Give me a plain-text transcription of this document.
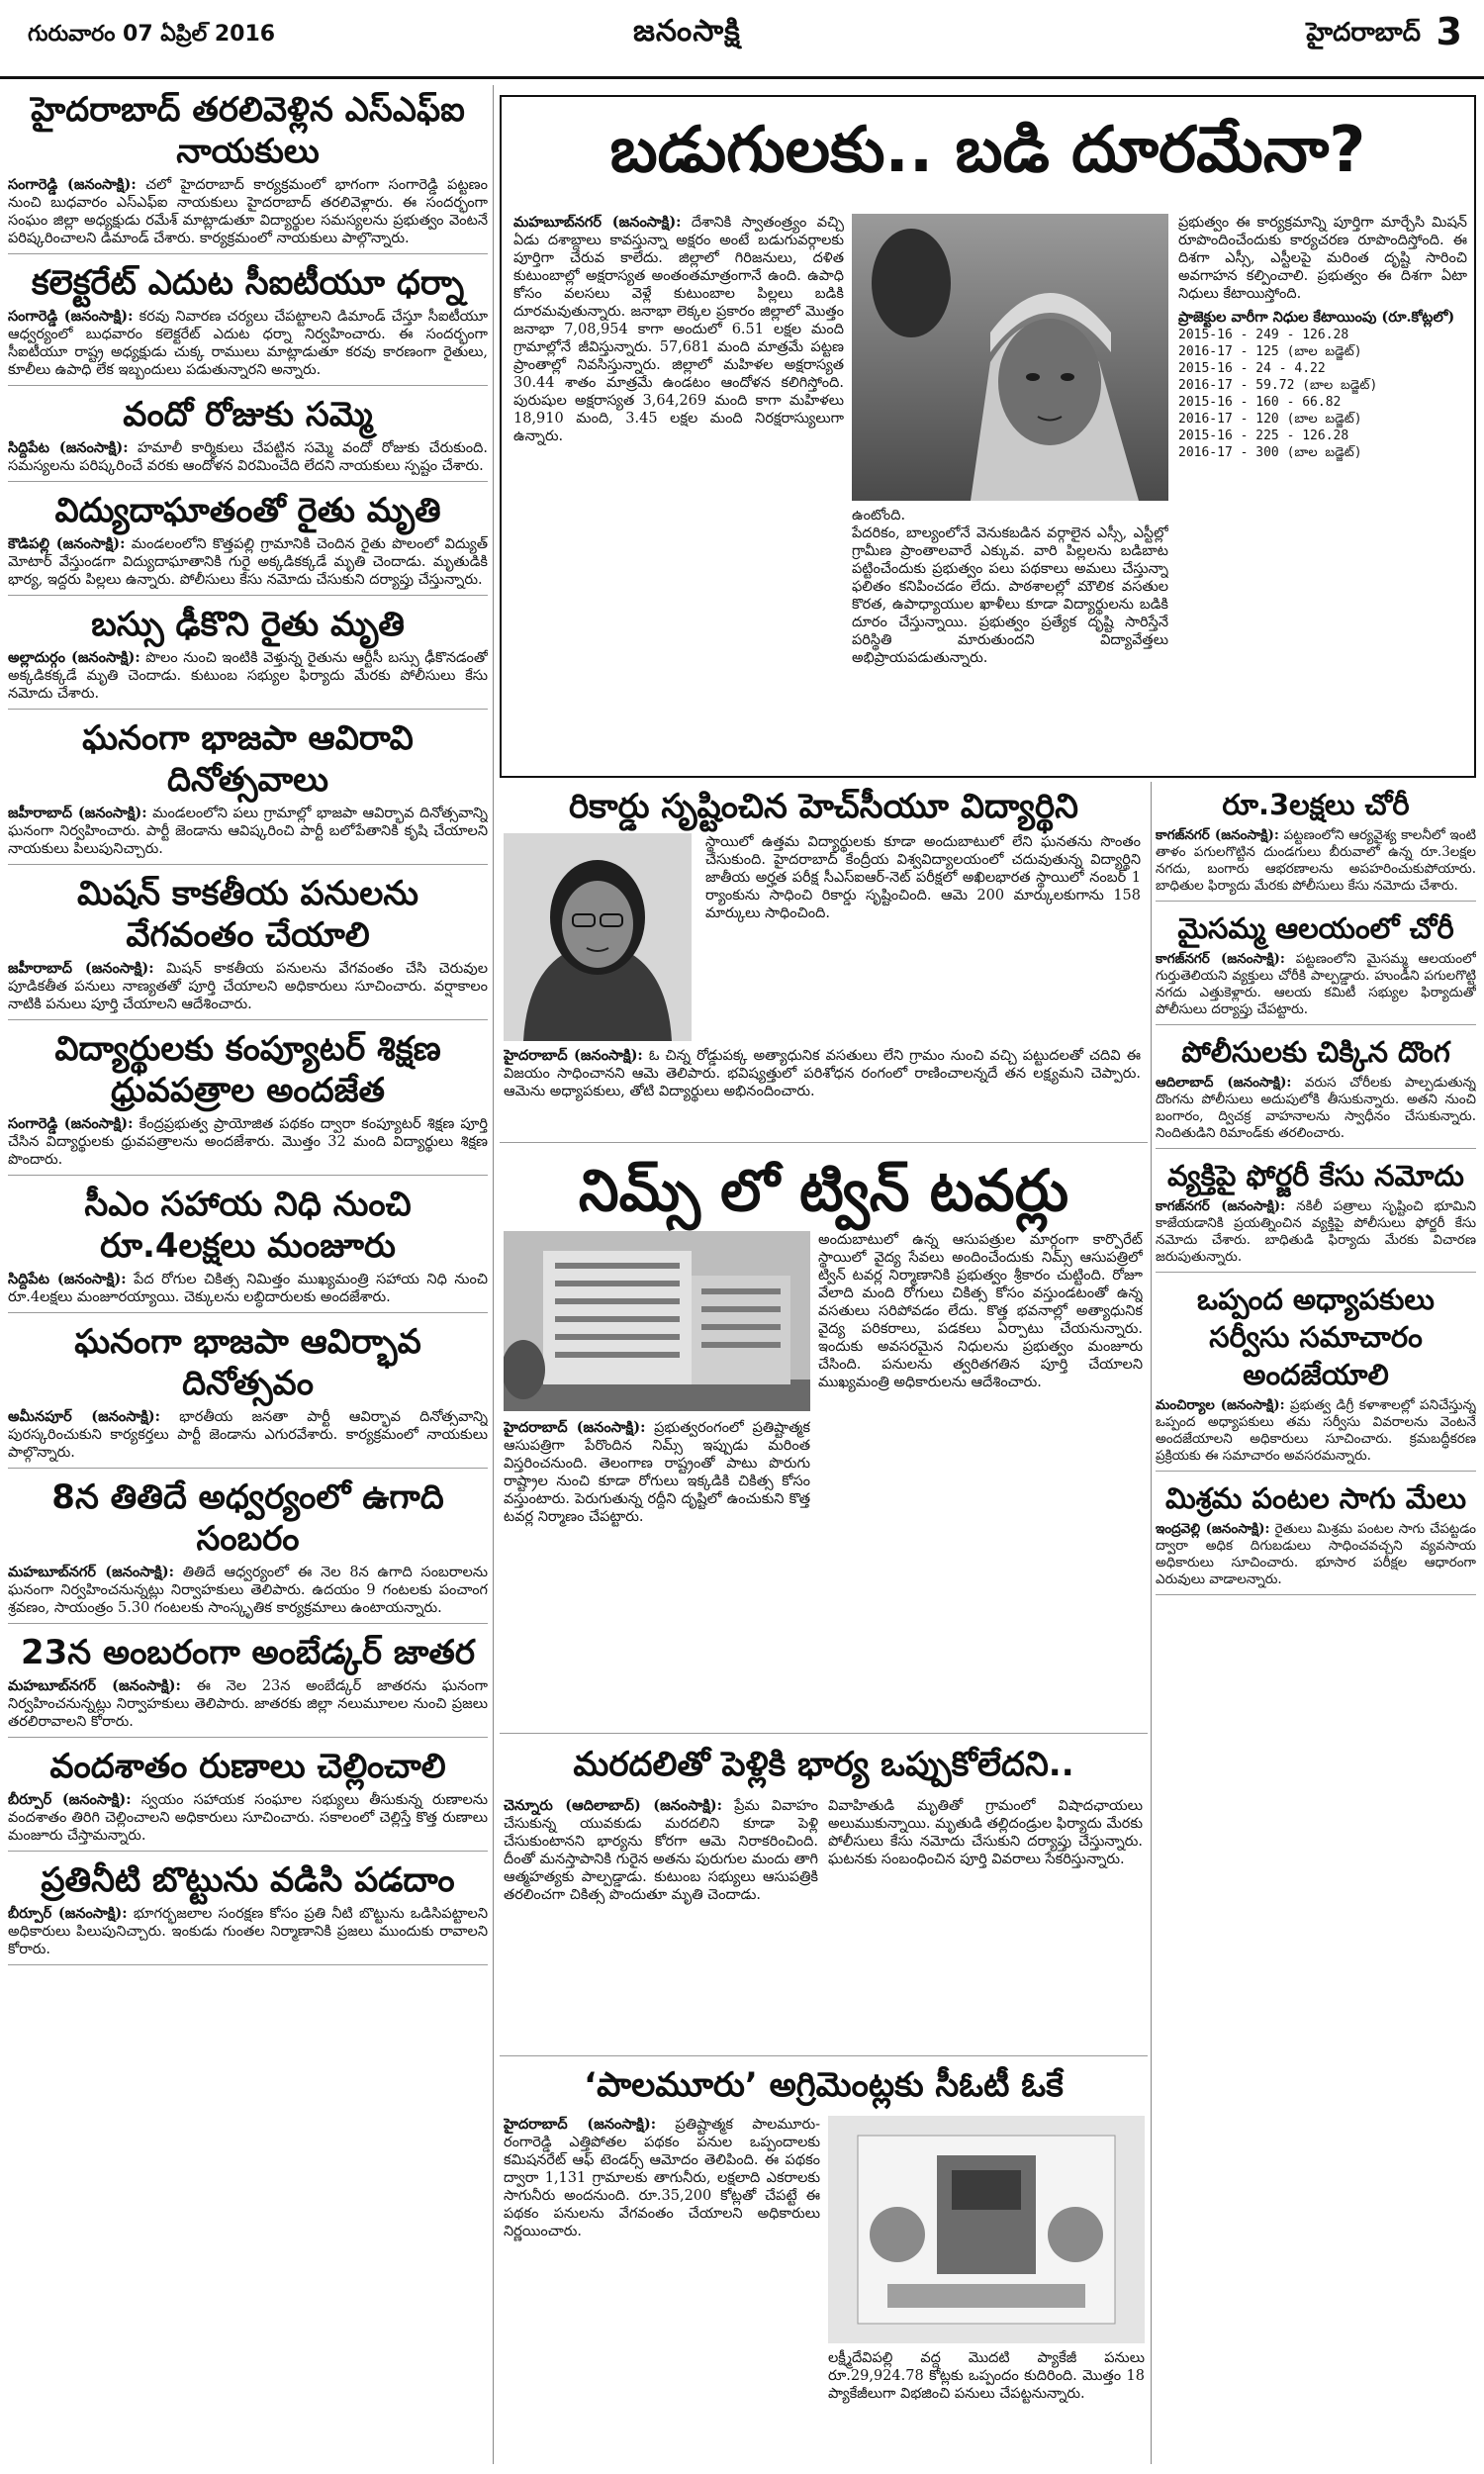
గురువారం 07 ఏప్రిల్ 2016	జనంసాక్షి	హైదరాబాద్ 3
హైదరాబాద్ తరలివెళ్లిన ఎస్ఎఫ్ఐ నాయకులు

సంగారెడ్డి (జనంసాక్షి): చలో హైదరాబాద్ కార్యక్రమంలో భాగంగా సంగారెడ్డి పట్టణం నుంచి బుధవారం ఎస్ఎఫ్ఐ నాయకులు హైదరాబాద్ తరలివెళ్లారు. ఈ సందర్భంగా సంఘం జిల్లా అధ్యక్షుడు రమేశ్ మాట్లాడుతూ విద్యార్థుల సమస్యలను ప్రభుత్వం వెంటనే పరిష్కరించాలని డిమాండ్ చేశారు. కార్యక్రమంలో నాయకులు పాల్గొన్నారు.

కలెక్టరేట్ ఎదుట సీఐటీయూ ధర్నా

సంగారెడ్డి (జనంసాక్షి): కరవు నివారణ చర్యలు చేపట్టాలని డిమాండ్ చేస్తూ సీఐటీయూ ఆధ్వర్యంలో బుధవారం కలెక్టరేట్ ఎదుట ధర్నా నిర్వహించారు. ఈ సందర్భంగా సీఐటీయూ రాష్ట్ర అధ్యక్షుడు చుక్క రాములు మాట్లాడుతూ కరవు కారణంగా రైతులు, కూలీలు ఉపాధి లేక ఇబ్బందులు పడుతున్నారని అన్నారు.

వందో రోజుకు సమ్మె

సిద్దిపేట (జనంసాక్షి): హమాలీ కార్మికులు చేపట్టిన సమ్మె వందో రోజుకు చేరుకుంది. సమస్యలను పరిష్కరించే వరకు ఆందోళన విరమించేది లేదని నాయకులు స్పష్టం చేశారు.

విద్యుదాఘాతంతో రైతు మృతి

కౌడిపల్లి (జనంసాక్షి): మండలంలోని కొత్తపల్లి గ్రామానికి చెందిన రైతు పొలంలో విద్యుత్ మోటార్ వేస్తుండగా విద్యుదాఘాతానికి గురై అక్కడికక్కడే మృతి చెందాడు. మృతుడికి భార్య, ఇద్దరు పిల్లలు ఉన్నారు. పోలీసులు కేసు నమోదు చేసుకుని దర్యాప్తు చేస్తున్నారు.

బస్సు ఢీకొని రైతు మృతి

అల్లాదుర్గం (జనంసాక్షి): పొలం నుంచి ఇంటికి వెళ్తున్న రైతును ఆర్టీసీ బస్సు ఢీకొనడంతో అక్కడికక్కడే మృతి చెందాడు. కుటుంబ సభ్యుల ఫిర్యాదు మేరకు పోలీసులు కేసు నమోదు చేశారు.

ఘనంగా భాజపా ఆవిరావి దినోత్సవాలు

జహీరాబాద్ (జనంసాక్షి): మండలంలోని పలు గ్రామాల్లో భాజపా ఆవిర్భావ దినోత్సవాన్ని ఘనంగా నిర్వహించారు. పార్టీ జెండాను ఆవిష్కరించి పార్టీ బలోపేతానికి కృషి చేయాలని నాయకులు పిలుపునిచ్చారు.

మిషన్ కాకతీయ పనులను వేగవంతం చేయాలి

జహీరాబాద్ (జనంసాక్షి): మిషన్ కాకతీయ పనులను వేగవంతం చేసి చెరువుల పూడికతీత పనులు నాణ్యతతో పూర్తి చేయాలని అధికారులు సూచించారు. వర్షాకాలం నాటికి పనులు పూర్తి చేయాలని ఆదేశించారు.

విద్యార్థులకు కంప్యూటర్ శిక్షణ ధ్రువపత్రాల అందజేత

సంగారెడ్డి (జనంసాక్షి): కేంద్రప్రభుత్వ ప్రాయోజిత పథకం ద్వారా కంప్యూటర్ శిక్షణ పూర్తి చేసిన విద్యార్థులకు ధ్రువపత్రాలను అందజేశారు. మొత్తం 32 మంది విద్యార్థులు శిక్షణ పొందారు.

సీఎం సహాయ నిధి నుంచి రూ.4లక్షలు మంజూరు

సిద్దిపేట (జనంసాక్షి): పేద రోగుల చికిత్స నిమిత్తం ముఖ్యమంత్రి సహాయ నిధి నుంచి రూ.4లక్షలు మంజూరయ్యాయి. చెక్కులను లబ్ధిదారులకు అందజేశారు.

ఘనంగా భాజపా ఆవిర్భావ దినోత్సవం

అమీనపూర్ (జనంసాక్షి): భారతీయ జనతా పార్టీ ఆవిర్భావ దినోత్సవాన్ని పురస్కరించుకుని కార్యకర్తలు పార్టీ జెండాను ఎగురవేశారు. కార్యక్రమంలో నాయకులు పాల్గొన్నారు.

8న తితిదే అధ్వర్యంలో ఉగాది సంబరం

మహబూబ్‌నగర్ (జనంసాక్షి): తితిదే ఆధ్వర్యంలో ఈ నెల 8న ఉగాది సంబరాలను ఘనంగా నిర్వహించనున్నట్లు నిర్వాహకులు తెలిపారు. ఉదయం 9 గంటలకు పంచాంగ శ్రవణం, సాయంత్రం 5.30 గంటలకు సాంస్కృతిక కార్యక్రమాలు ఉంటాయన్నారు.

23న అంబరంగా అంబేడ్కర్ జాతర

మహబూబ్‌నగర్ (జనంసాక్షి): ఈ నెల 23న అంబేడ్కర్ జాతరను ఘనంగా నిర్వహించనున్నట్లు నిర్వాహకులు తెలిపారు. జాతరకు జిల్లా నలుమూలల నుంచి ప్రజలు తరలిరావాలని కోరారు.

వందశాతం రుణాలు చెల్లించాలి

బీర్పూర్ (జనంసాక్షి): స్వయం సహాయక సంఘాల సభ్యులు తీసుకున్న రుణాలను వందశాతం తిరిగి చెల్లించాలని అధికారులు సూచించారు. సకాలంలో చెల్లిస్తే కొత్త రుణాలు మంజూరు చేస్తామన్నారు.

ప్రతినీటి బొట్టును వడిసి పడదాం

బీర్పూర్ (జనంసాక్షి): భూగర్భజలాల సంరక్షణ కోసం ప్రతి నీటి బొట్టును ఒడిసిపట్టాలని అధికారులు పిలుపునిచ్చారు. ఇంకుడు గుంతల నిర్మాణానికి ప్రజలు ముందుకు రావాలని కోరారు.

బడుగులకు.. బడి దూరమేనా?

మహబూబ్‌నగర్ (జనంసాక్షి): దేశానికి స్వాతంత్ర్యం వచ్చి ఏడు దశాబ్దాలు కావస్తున్నా అక్షరం అంటే బడుగువర్గాలకు పూర్తిగా చేరువ కాలేదు. జిల్లాలో గిరిజనులు, దళిత కుటుంబాల్లో అక్షరాస్యత అంతంతమాత్రంగానే ఉంది. ఉపాధి కోసం వలసలు వెళ్లే కుటుంబాల పిల్లలు బడికి దూరమవుతున్నారు. జనాభా లెక్కల ప్రకారం జిల్లాలో మొత్తం జనాభా 7,08,954 కాగా అందులో 6.51 లక్షల మంది గ్రామాల్లోనే జీవిస్తున్నారు. 57,681 మంది మాత్రమే పట్టణ ప్రాంతాల్లో నివసిస్తున్నారు. జిల్లాలో మహిళల అక్షరాస్యత 30.44 శాతం మాత్రమే ఉండటం ఆందోళన కలిగిస్తోంది. పురుషుల అక్షరాస్యత 3,64,269 మంది కాగా మహిళలు 18,910 మంది, 3.45 లక్షల మంది నిరక్షరాస్యులుగా ఉన్నారు.

ఉంటోంది.

పేదరికం, బాల్యంలోనే వెనుకబడిన వర్గాలైన ఎస్సీ, ఎస్టీల్లో గ్రామీణ ప్రాంతాలవారే ఎక్కువ. వారి పిల్లలను బడిబాట పట్టించేందుకు ప్రభుత్వం పలు పథకాలు అమలు చేస్తున్నా ఫలితం కనిపించడం లేదు. పాఠశాలల్లో మౌలిక వసతుల కొరత, ఉపాధ్యాయుల ఖాళీలు కూడా విద్యార్థులను బడికి దూరం చేస్తున్నాయి. ప్రభుత్వం ప్రత్యేక దృష్టి సారిస్తేనే పరిస్థితి మారుతుందని విద్యావేత్తలు అభిప్రాయపడుతున్నారు.

ప్రభుత్వం ఈ కార్యక్రమాన్ని పూర్తిగా మార్చేసి మిషన్ రూపొందించేందుకు కార్యచరణ రూపొందిస్తోంది. ఈ దిశగా ఎస్సీ, ఎస్టీలపై మరింత దృష్టి సారించి అవగాహన కల్పించాలి. ప్రభుత్వం ఈ దిశగా ఏటా నిధులు కేటాయిస్తోంది.

ప్రాజెక్టుల వారీగా నిధుల కేటాయింపు (రూ.కోట్లలో)

2015-16 - 249 - 126.28

2016-17 - 125 (బాల బడ్జెట్)

2015-16 - 24 - 4.22

2016-17 - 59.72 (బాల బడ్జెట్)

2015-16 - 160 - 66.82

2016-17 - 120 (బాల బడ్జెట్)

2015-16 - 225 - 126.28

2016-17 - 300 (బాల బడ్జెట్)

రికార్డు సృష్టించిన హెచ్‌సీయూ విద్యార్థిని

స్థాయిలో ఉత్తమ విద్యార్థులకు కూడా అందుబాటులో లేని ఘనతను సొంతం చేసుకుంది. హైదరాబాద్ కేంద్రీయ విశ్వవిద్యాలయంలో చదువుతున్న విద్యార్థిని జాతీయ అర్హత పరీక్ష సీఎస్ఐఆర్-నెట్ పరీక్షలో అఖిలభారత స్థాయిలో నంబర్ 1 ర్యాంకును సాధించి రికార్డు సృష్టించింది. ఆమె 200 మార్కులకుగాను 158 మార్కులు సాధించింది.

హైదరాబాద్ (జనంసాక్షి): ఓ చిన్న రోడ్డుపక్క అత్యాధునిక వసతులు లేని గ్రామం నుంచి వచ్చి పట్టుదలతో చదివి ఈ విజయం సాధించానని ఆమె తెలిపారు. భవిష్యత్తులో పరిశోధన రంగంలో రాణించాలన్నదే తన లక్ష్యమని చెప్పారు. ఆమెను అధ్యాపకులు, తోటి విద్యార్థులు అభినందించారు.

నిమ్స్ లో ట్విన్ టవర్లు

అందుబాటులో ఉన్న ఆసుపత్రుల మార్గంగా కార్పొరేట్ స్థాయిలో వైద్య సేవలు అందించేందుకు నిమ్స్ ఆసుపత్రిలో ట్విన్ టవర్ల నిర్మాణానికి ప్రభుత్వం శ్రీకారం చుట్టింది. రోజూ వేలాది మంది రోగులు చికిత్స కోసం వస్తుండటంతో ఉన్న వసతులు సరిపోవడం లేదు. కొత్త భవనాల్లో అత్యాధునిక వైద్య పరికరాలు, పడకలు ఏర్పాటు చేయనున్నారు. ఇందుకు అవసరమైన నిధులను ప్రభుత్వం మంజూరు చేసింది. పనులను త్వరితగతిన పూర్తి చేయాలని ముఖ్యమంత్రి అధికారులను ఆదేశించారు.

హైదరాబాద్ (జనంసాక్షి): ప్రభుత్వరంగంలో ప్రతిష్టాత్మక ఆసుపత్రిగా పేరొందిన నిమ్స్ ఇప్పుడు మరింత విస్తరించనుంది. తెలంగాణ రాష్ట్రంతో పాటు పొరుగు రాష్ట్రాల నుంచి కూడా రోగులు ఇక్కడికి చికిత్స కోసం వస్తుంటారు. పెరుగుతున్న రద్దీని దృష్టిలో ఉంచుకుని కొత్త టవర్ల నిర్మాణం చేపట్టారు.

మరదలితో పెళ్లికి భార్య ఒప్పుకోలేదని..

చెన్నూరు (ఆదిలాబాద్) (జనంసాక్షి): ప్రేమ వివాహం చేసుకున్న యువకుడు మరదలిని కూడా పెళ్లి చేసుకుంటానని భార్యను కోరగా ఆమె నిరాకరించింది. దీంతో మనస్తాపానికి గురైన అతను పురుగుల మందు తాగి ఆత్మహత్యకు పాల్పడ్డాడు. కుటుంబ సభ్యులు ఆసుపత్రికి తరలించగా చికిత్స పొందుతూ మృతి చెందాడు.

వివాహితుడి మృతితో గ్రామంలో విషాదఛాయలు అలుముకున్నాయి. మృతుడి తల్లిదండ్రుల ఫిర్యాదు మేరకు పోలీసులు కేసు నమోదు చేసుకుని దర్యాప్తు చేస్తున్నారు. ఘటనకు సంబంధించిన పూర్తి వివరాలు సేకరిస్తున్నారు.

‘పాలమూరు’ అగ్రిమెంట్లకు సీఓటీ ఓకే

హైదరాబాద్ (జనంసాక్షి): ప్రతిష్టాత్మక పాలమూరు-రంగారెడ్డి ఎత్తిపోతల పథకం పనుల ఒప్పందాలకు కమిషనరేట్ ఆఫ్ టెండర్స్ ఆమోదం తెలిపింది. ఈ పథకం ద్వారా 1,131 గ్రామాలకు తాగునీరు, లక్షలాది ఎకరాలకు సాగునీరు అందనుంది. రూ.35,200 కోట్లతో చేపట్టే ఈ పథకం పనులను వేగవంతం చేయాలని అధికారులు నిర్ణయించారు.

లక్ష్మీదేవిపల్లి వద్ద మొదటి ప్యాకేజీ పనులు రూ.29,924.78 కోట్లకు ఒప్పందం కుదిరింది. మొత్తం 18 ప్యాకేజీలుగా విభజించి పనులు చేపట్టనున్నారు.

రూ.3లక్షలు చోరీ

కాగజ్‌నగర్ (జనంసాక్షి): పట్టణంలోని ఆర్యవైశ్య కాలనీలో ఇంటి తాళం పగులగొట్టిన దుండగులు బీరువాలో ఉన్న రూ.3లక్షల నగదు, బంగారు ఆభరణాలను అపహరించుకుపోయారు. బాధితుల ఫిర్యాదు మేరకు పోలీసులు కేసు నమోదు చేశారు.

మైసమ్మ ఆలయంలో చోరీ

కాగజ్‌నగర్ (జనంసాక్షి): పట్టణంలోని మైసమ్మ ఆలయంలో గుర్తుతెలియని వ్యక్తులు చోరీకి పాల్పడ్డారు. హుండీని పగులగొట్టి నగదు ఎత్తుకెళ్లారు. ఆలయ కమిటీ సభ్యుల ఫిర్యాదుతో పోలీసులు దర్యాప్తు చేపట్టారు.

పోలీసులకు చిక్కిన దొంగ

ఆదిలాబాద్ (జనంసాక్షి): వరుస చోరీలకు పాల్పడుతున్న దొంగను పోలీసులు అదుపులోకి తీసుకున్నారు. అతని నుంచి బంగారం, ద్విచక్ర వాహనాలను స్వాధీనం చేసుకున్నారు. నిందితుడిని రిమాండ్‌కు తరలించారు.

వ్యక్తిపై ఫోర్జరీ కేసు నమోదు

కాగజ్‌నగర్ (జనంసాక్షి): నకిలీ పత్రాలు సృష్టించి భూమిని కాజేయడానికి ప్రయత్నించిన వ్యక్తిపై పోలీసులు ఫోర్జరీ కేసు నమోదు చేశారు. బాధితుడి ఫిర్యాదు మేరకు విచారణ జరుపుతున్నారు.

ఒప్పంద అధ్యాపకులు సర్వీసు సమాచారం అందజేయాలి

మంచిర్యాల (జనంసాక్షి): ప్రభుత్వ డిగ్రీ కళాశాలల్లో పనిచేస్తున్న ఒప్పంద అధ్యాపకులు తమ సర్వీసు వివరాలను వెంటనే అందజేయాలని అధికారులు సూచించారు. క్రమబద్ధీకరణ ప్రక్రియకు ఈ సమాచారం అవసరమన్నారు.

మిశ్రమ పంటల సాగు మేలు

ఇంద్రవెల్లి (జనంసాక్షి): రైతులు మిశ్రమ పంటల సాగు చేపట్టడం ద్వారా అధిక దిగుబడులు సాధించవచ్చని వ్యవసాయ అధికారులు సూచించారు. భూసార పరీక్షల ఆధారంగా ఎరువులు వాడాలన్నారు.
